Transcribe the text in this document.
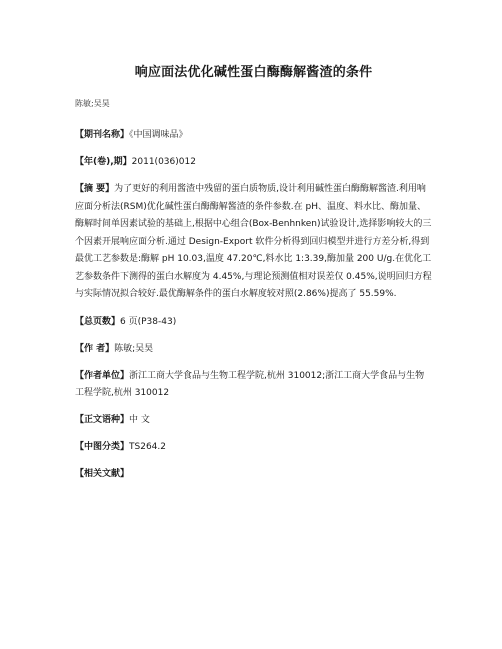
响应面法优化碱性蛋白酶酶解酱渣的条件
陈敏;吴昊
【期刊名称】《中国调味品》
【年(卷),期】2011(036)012
【摘 要】为了更好的利用酱渣中残留的蛋白质物质,设计利用碱性蛋白酶酶解酱渣.利用响应面分析法(RSM)优化碱性蛋白酶酶解酱渣的条件参数.在 pH、温度、料水比、酶加量、酶解时间单因素试验的基础上,根据中心组合(Box-Benhnken)试验设计,选择影响较大的三个因素开展响应面分析.通过 Design-Export 软件分析得到回归模型并进行方差分析,得到最优工艺参数是:酶解 pH 10.03,温度 47.20℃,料水比 1:3.39,酶加量 200 U/g.在优化工艺参数条件下测得的蛋白水解度为 4.45%,与理论预测值相对误差仅 0.45%,说明回归方程与实际情况拟合较好.最优酶解条件的蛋白水解度较对照(2.86%)提高了 55.59%.
【总页数】6 页(P38-43)
【作 者】陈敏;吴昊
【作者单位】浙江工商大学食品与生物工程学院,杭州 310012;浙江工商大学食品与生物工程学院,杭州 310012
【正文语种】中 文
【中图分类】TS264.2
【相关文献】
